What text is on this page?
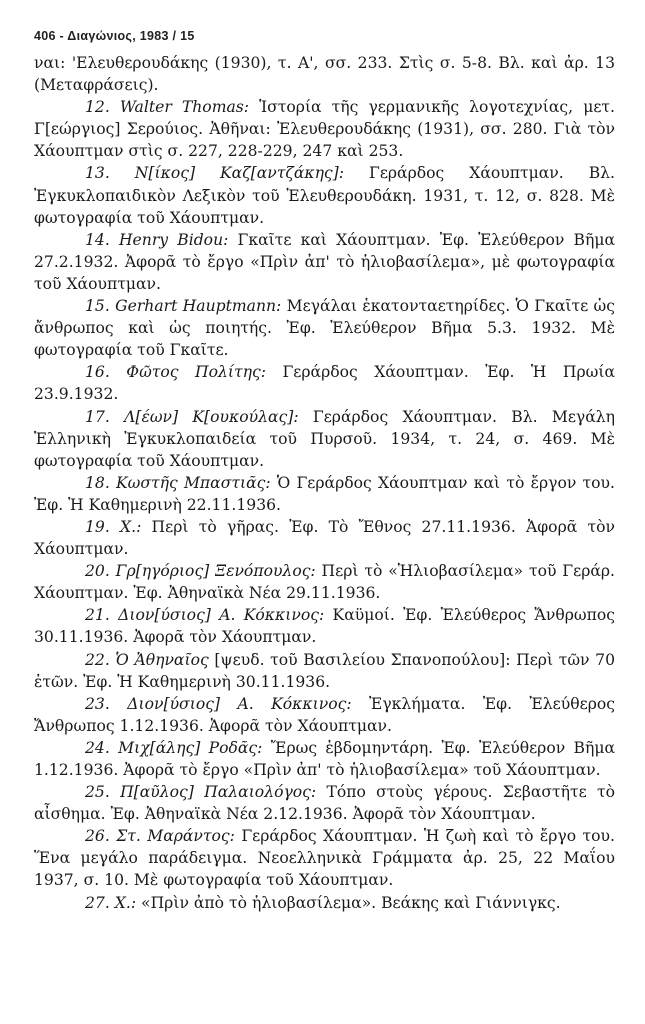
406 - Διαγώνιος, 1983 / 15

ναι: 'Ελευθερουδάκης (1930), τ. Α', σσ. 233. Στὶς σ. 5-8. Βλ. καὶ ἀρ. 13 (Μεταφράσεις).

12. Walter Thomas: Ἱστορία τῆς γερμανικῆς λογοτεχνίας, μετ. Γ[εώργιος] Σερούιος. Ἀθῆναι: Ἐλευθερουδάκης (1931), σσ. 280. Γιὰ τὸν Χάουπτμαν στὶς σ. 227, 228-229, 247 καὶ 253.

13. Ν[ίκος] Καζ[αντζάκης]: Γεράρδος Χάουπτμαν. Βλ. Ἐγκυκλοπαιδικὸν Λεξικὸν τοῦ Ἐλευθερουδάκη. 1931, τ. 12, σ. 828. Μὲ φωτογραφία τοῦ Χάουπτμαν.

14. Henry Bidou: Γκαῖτε καὶ Χάουπτμαν. Ἐφ. Ἐλεύθερον Βῆμα 27.2.1932. Ἀφορᾶ τὸ ἔργο «Πρὶν ἀπ' τὸ ἡλιοβασίλεμα», μὲ φωτογραφία τοῦ Χάουπτμαν.

15. Gerhart Hauptmann: Μεγάλαι ἑκατονταετηρίδες. Ὁ Γκαῖτε ὡς ἄνθρωπος καὶ ὡς ποιητής. Ἐφ. Ἐλεύθερον Βῆμα 5.3. 1932. Μὲ φωτογραφία τοῦ Γκαῖτε.

16. Φῶτος Πολίτης: Γεράρδος Χάουπτμαν. Ἐφ. Ἡ Πρωία 23.9.1932.

17. Λ[έων] Κ[ουκούλας]: Γεράρδος Χάουπτμαν. Βλ. Μεγάλη Ἑλληνικὴ Ἐγκυκλοπαιδεία τοῦ Πυρσοῦ. 1934, τ. 24, σ. 469. Μὲ φωτογραφία τοῦ Χάουπτμαν.

18. Κωστῆς Μπαστιᾶς: Ὁ Γεράρδος Χάουπτμαν καὶ τὸ ἔργον του. Ἐφ. Ἡ Καθημερινὴ 22.11.1936.

19. Χ.: Περὶ τὸ γῆρας. Ἐφ. Τὸ Ἔθνος 27.11.1936. Ἀφορᾶ τὸν Χάουπτμαν.

20. Γρ[ηγόριος] Ξενόπουλος: Περὶ τὸ «Ἡλιοβασίλεμα» τοῦ Γεράρ. Χάουπτμαν. Ἐφ. Ἀθηναϊκὰ Νέα 29.11.1936.

21. Διον[ύσιος] Α. Κόκκινος: Καϋμοί. Ἐφ. Ἐλεύθερος Ἄνθρωπος 30.11.1936. Ἀφορᾶ τὸν Χάουπτμαν.

22. Ὁ Ἀθηναῖος [ψευδ. τοῦ Βασιλείου Σπανοπούλου]: Περὶ τῶν 70 ἐτῶν. Ἐφ. Ἡ Καθημερινὴ 30.11.1936.

23. Διον[ύσιος] Α. Κόκκινος: Ἐγκλήματα. Ἐφ. Ἐλεύθερος Ἄνθρωπος 1.12.1936. Ἀφορᾶ τὸν Χάουπτμαν.

24. Μιχ[άλης] Ροδᾶς: Ἔρως ἑβδομηντάρη. Ἐφ. Ἐλεύθερον Βῆμα 1.12.1936. Ἀφορᾶ τὸ ἔργο «Πρὶν ἀπ' τὸ ἡλιοβασίλεμα» τοῦ Χάουπτμαν.

25. Π[αῦλος] Παλαιολόγος: Τόπο στοὺς γέρους. Σεβαστῆτε τὸ αἶσθημα. Ἐφ. Ἀθηναϊκὰ Νέα 2.12.1936. Ἀφορᾶ τὸν Χάουπτμαν.

26. Στ. Μαράντος: Γεράρδος Χάουπτμαν. Ἡ ζωὴ καὶ τὸ ἔργο του. Ἕνα μεγάλο παράδειγμα. Νεοελληνικὰ Γράμματα ἀρ. 25, 22 Μαΐου 1937, σ. 10. Μὲ φωτογραφία τοῦ Χάουπτμαν.

27. Χ.: «Πρὶν ἀπὸ τὸ ἡλιοβασίλεμα». Βεάκης καὶ Γιάννιγκς.
